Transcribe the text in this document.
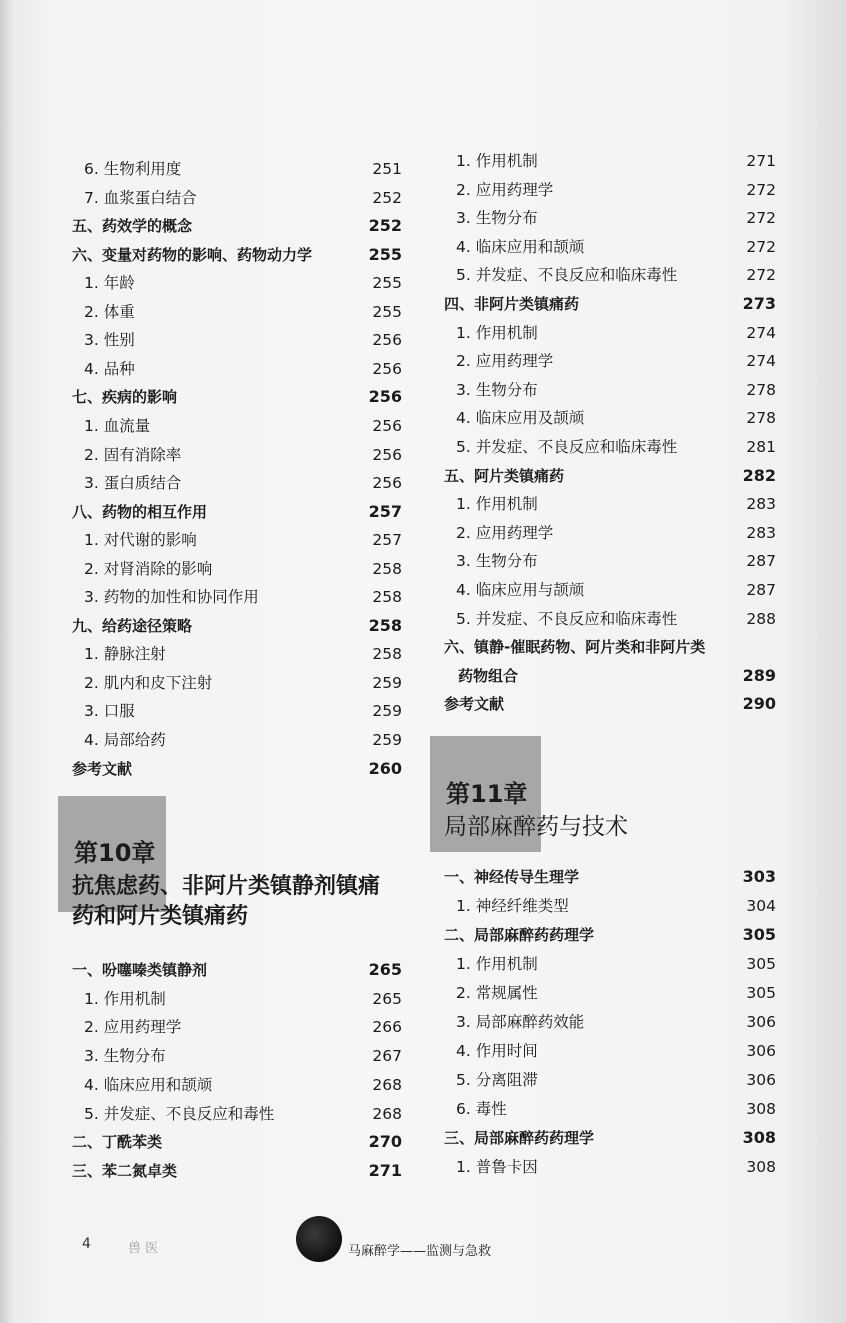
6. 生物利用度	251
7. 血浆蛋白结合	252
五、药效学的概念	252
六、变量对药物的影响、药物动力学	255
1. 年龄	255
2. 体重	255
3. 性别	256
4. 品种	256
七、疾病的影响	256
1. 血流量	256
2. 固有消除率	256
3. 蛋白质结合	256
八、药物的相互作用	257
1. 对代谢的影响	257
2. 对肾消除的影响	258
3. 药物的加性和协同作用	258
九、给药途径策略	258
1. 静脉注射	258
2. 肌内和皮下注射	259
3. 口服	259
4. 局部给药	259
参考文献	260
第10章
抗焦虑药、非阿片类镇静剂镇痛药和阿片类镇痛药
一、吩噻嗪类镇静剂	265
1. 作用机制	265
2. 应用药理学	266
3. 生物分布	267
4. 临床应用和颉颃	268
5. 并发症、不良反应和毒性	268
二、丁酰苯类	270
三、苯二氮卓类	271
1. 作用机制	271
2. 应用药理学	272
3. 生物分布	272
4. 临床应用和颉颃	272
5. 并发症、不良反应和临床毒性	272
四、非阿片类镇痛药	273
1. 作用机制	274
2. 应用药理学	274
3. 生物分布	278
4. 临床应用及颉颃	278
5. 并发症、不良反应和临床毒性	281
五、阿片类镇痛药	282
1. 作用机制	283
2. 应用药理学	283
3. 生物分布	287
4. 临床应用与颉颃	287
5. 并发症、不良反应和临床毒性	288
六、镇静-催眠药物、阿片类和非阿片类
药物组合	289
参考文献	290
第11章
局部麻醉药与技术
一、神经传导生理学	303
1. 神经纤维类型	304
二、局部麻醉药药理学	305
1. 作用机制	305
2. 常规属性	305
3. 局部麻醉药效能	306
4. 作用时间	306
5. 分离阻滞	306
6. 毒性	308
三、局部麻醉药药理学	308
1. 普鲁卡因	308
4	兽 医	马麻醉学——监测与急救
